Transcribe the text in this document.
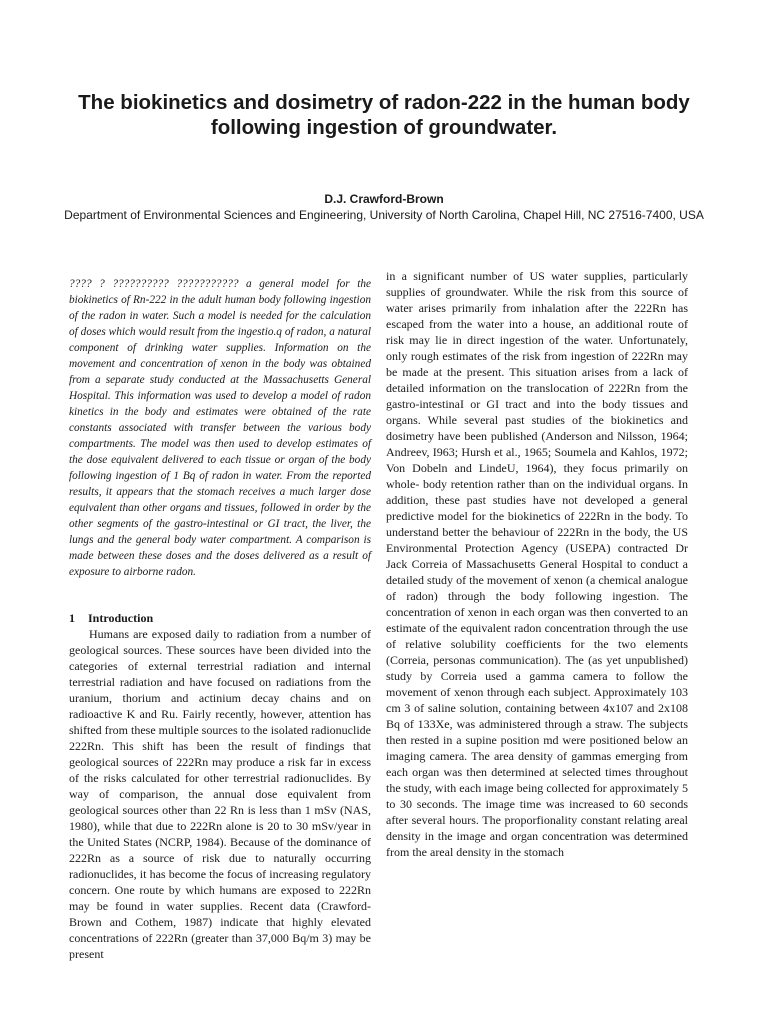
The biokinetics and dosimetry of radon-222 in the human body following ingestion of groundwater.
D.J. Crawford-Brown
Department of Environmental Sciences and Engineering, University of North Carolina, Chapel Hill, NC 27516-7400, USA

???? ? ?????????? ??????????? a general model for the biokinetics of Rn-222 in the adult human body following ingestion of the radon in water. Such a model is needed for the calculation of doses which would result from the ingestio.q of radon, a natural component of drinking water supplies. Information on the movement and concentration of xenon in the body was obtained from a separate study conducted at the Massachusetts General Hospital. This information was used to develop a model of radon kinetics in the body and estimates were obtained of the rate constants associated with transfer between the various body compartments. The model was then used to develop estimates of the dose equivalent delivered to each tissue or organ of the body following ingestion of 1 Bq of radon in water. From the reported results, it appears that the stomach receives a much larger dose equivalent than other organs and tissues, followed in order by the other segments of the gastro-intestinal or GI tract, the liver, the lungs and the general body water compartment. A comparison is made between these doses and the doses delivered as a result of exposure to airborne radon.

1 Introduction

Humans are exposed daily to radiation from a number of geological sources. These sources have been divided into the categories of external terrestrial radiation and internal terrestrial radiation and have focused on radiations from the uranium, thorium and actinium decay chains and on radioactive K and Ru. Fairly recently, however, attention has shifted from these multiple sources to the isolated radionuclide 222Rn. This shift has been the result of findings that geological sources of 222Rn may produce a risk far in excess of the risks calculated for other terrestrial radionuclides. By way of comparison, the annual dose equivalent from geological sources other than 22 Rn is less than 1 mSv (NAS, 1980), while that due to 222Rn alone is 20 to 30 mSv/year in the United States (NCRP, 1984). Because of the dominance of 222Rn as a source of risk due to naturally occurring radionuclides, it has become the focus of increasing regulatory concern. One route by which humans are exposed to 222Rn may be found in water supplies. Recent data (Crawford-Brown and Cothem, 1987) indicate that highly elevated concentrations of 222Rn (greater than 37,000 Bq/m 3) may be present

in a significant number of US water supplies, particularly supplies of groundwater. While the risk from this source of water arises primarily from inhalation after the 222Rn has escaped from the water into a house, an additional route of risk may lie in direct ingestion of the water. Unfortunately, only rough estimates of the risk from ingestion of 222Rn may be made at the present. This situation arises from a lack of detailed information on the translocation of 222Rn from the gastro-intestinaI or GI tract and into the body tissues and organs. While several past studies of the biokinetics and dosimetry have been published (Anderson and Nilsson, 1964; Andreev, I963; Hursh et al., 1965; Soumela and Kahlos, 1972; Von Dobeln and LindeU, 1964), they focus primarily on whole- body retention rather than on the individual organs. In addition, these past studies have not developed a general predictive model for the biokinetics of 222Rn in the body. To understand better the behaviour of 222Rn in the body, the US Environmental Protection Agency (USEPA) contracted Dr Jack Correia of Massachusetts General Hospital to conduct a detailed study of the movement of xenon (a chemical analogue of radon) through the body following ingestion. The concentration of xenon in each organ was then converted to an estimate of the equivalent radon concentration through the use of relative solubility coefficients for the two elements (Correia, personas communication). The (as yet unpublished) study by Correia used a gamma camera to follow the movement of xenon through each subject. Approximately 103 cm 3 of saline solution, containing between 4x107 and 2x108 Bq of 133Xe, was administered through a straw. The subjects then rested in a supine position md were positioned below an imaging camera. The area density of gammas emerging from each organ was then determined at selected times throughout the study, with each image being collected for approximately 5 to 30 seconds. The image time was increased to 60 seconds after several hours. The proporfionality constant relating areal density in the image and organ concentration was determined from the areal density in the stomach
